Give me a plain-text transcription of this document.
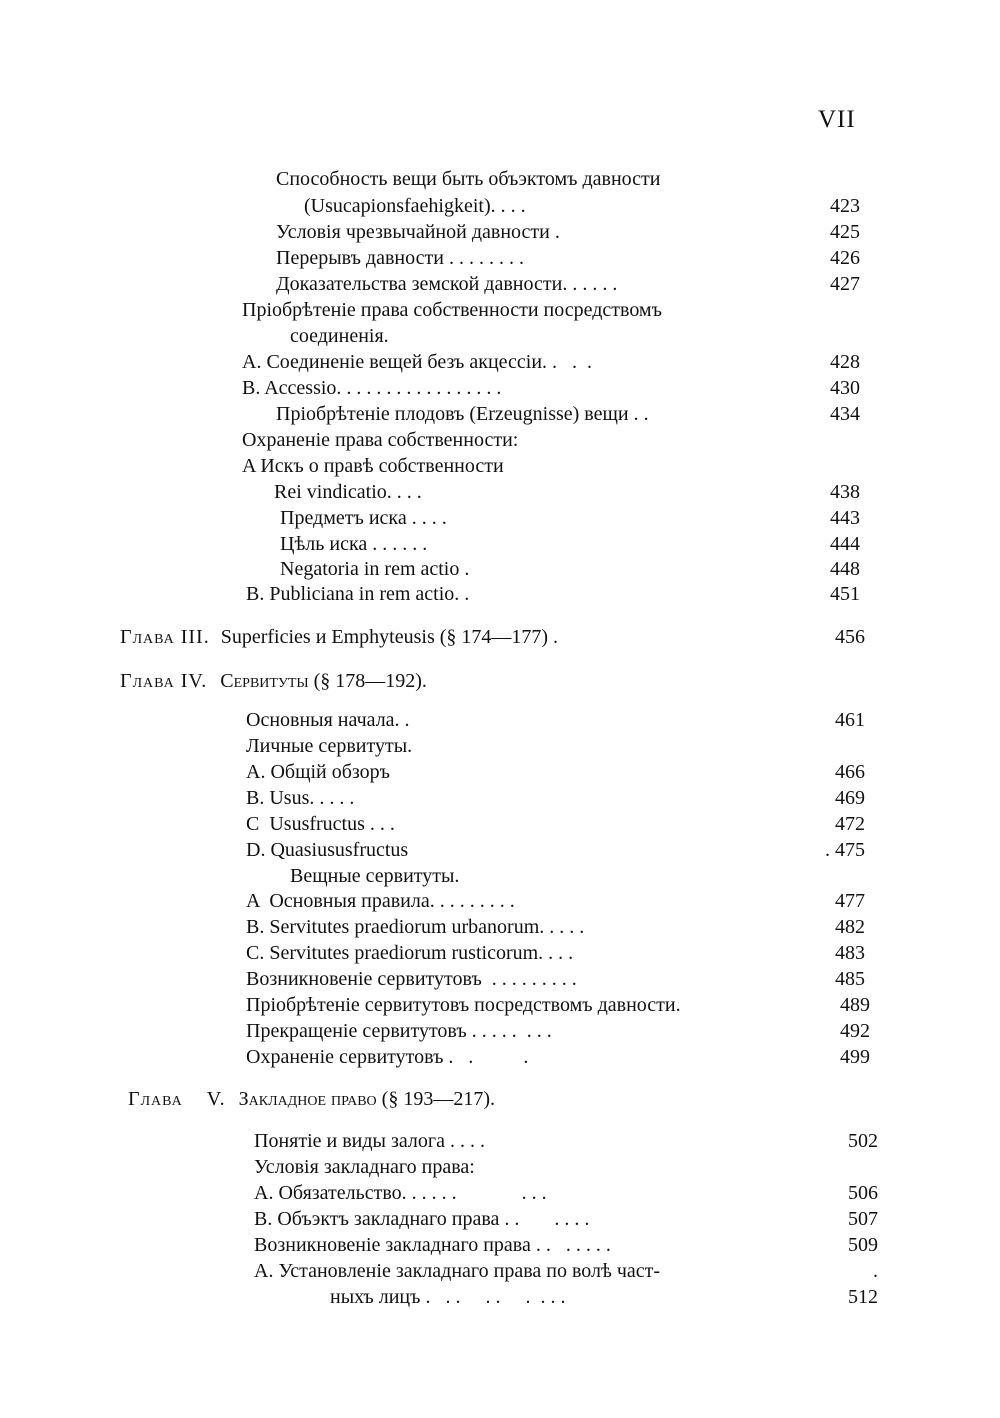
VII
Способность вещи быть объэктомъ давности
(Usucapionsfaehigkeit). . . .	423
Условія чрезвычайной давности .	425
Перерывъ давности . . . . . . . .	426
Доказательства земской давности. . . . . .	427
Пріобрѣтеніе права собственности посредствомъ
соединенія.
A. Соединеніе вещей безъ акцессіи. .   .  .	428
B. Accessio. . . . . . . . . . . . . . . . .	430
Пріобрѣтеніе плодовъ (Erzeugnisse) вещи . .	434
Охраненіе права собственности:
A Искъ о правѣ собственности
Rei vindicatio. . . .	438
Предметъ иска . . . .	443
Цѣль иска . . . . . .	444
Negatoria in rem actio .	448
B. Publiciana in rem actio. .	451
Глава III. Superficies и Emphyteusis (§ 174—177) .	456
Глава IV. Сервитуты (§ 178—192).
Основныя начала. .	461
Личные сервитуты.
A. Общій обзоръ	466
B. Usus. . . . .	469
C  Ususfructus . . .	472
D. Quasiususfructus	. 475
Вещные сервитуты.
A  Основныя правила. . . . . . . . .	477
B. Servitutes praediorum urbanorum. . . . .	482
C. Servitutes praediorum rusticorum. . . .	483
Возникновеніе сервитутовъ  . . . . . . . . .	485
Пріобрѣтеніе сервитутовъ посредствомъ давности.	489
Прекращеніе сервитутовъ . . . . .  . . .	492
Охраненіе сервитутовъ .   .          .	499
Глава V. Закладное право (§ 193—217).
Понятіе и виды залога . . . .	502
Условія закладнаго права:
A. Обязательство. . . . . .             . . .	506
B. Объэктъ закладнаго права . .       . . . .	507
Возникновеніе закладнаго права . .   . . . . .	509
A. Установленіе закладнаго права по волѣ част-	.
ныхъ лицъ .   . .     . .     .  . . .	512
